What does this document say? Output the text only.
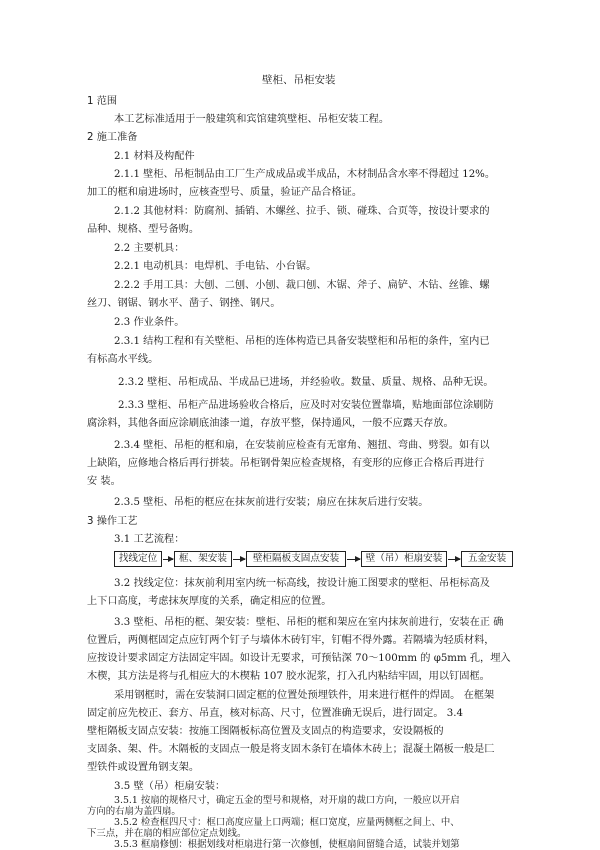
壁柜、吊柜安装
1 范围
本工艺标准适用于一般建筑和宾馆建筑壁柜、吊柜安装工程。
2 施工准备
2.1 材料及构配件
2.1.1 壁柜、吊柜制品由工厂生产成成品或半成品，木材制品含水率不得超过 12%。
加工的框和扇进场时，应核查型号、质量，验证产品合格证。
2.1.2 其他材料：防腐剂、插销、木螺丝、拉手、锁、碰珠、合页等，按设计要求的
品种、规格、型号备购。
2.2 主要机具：
2.2.1 电动机具：电焊机、手电钻、小台锯。
2.2.2 手用工具：大刨、二刨、小刨、裁口刨、木锯、斧子、扁铲、木钻、丝锥、螺
丝刀、钢锯、钢水平、凿子、钢挫、钢尺。
2.3 作业条件。
2.3.1 结构工程和有关壁柜、吊柜的连体构造已具备安装壁柜和吊柜的条件，室内已
有标高水平线。
2.3.2 壁柜、吊柜成品、半成品已进场，并经验收。数量、质量、规格、品种无误。
2.3.3 壁柜、吊柜产品进场验收合格后，应及时对安装位置靠墙，贴地面部位涂刷防
腐涂料，其他各面应涂刷底油漆一道，存放平整，保持通风，一般不应露天存放。
2.3.4 壁柜、吊柜的框和扇，在安装前应检查有无窜角、翘扭、弯曲、劈裂。如有以
上缺陷，应修地合格后再行拼装。吊柜钢骨架应检查规格，有变形的应修正合格后再进行
安 装。
2.3.5 壁柜、吊柜的框应在抹灰前进行安装；扇应在抹灰后进行安装。
3 操作工艺
3.1 工艺流程：
找线定位	框、架安装	壁柜隔板支固点安装	壁（吊）柜扇安装	五金安装
3.2 找线定位：抹灰前利用室内统一标高线，按设计施工图要求的壁柜、吊柜标高及
上下口高度，考虑抹灰厚度的关系，确定相应的位置。
3.3 壁柜、吊柜的框、架安装：壁柜、吊柜的框和架应在室内抹灰前进行，安装在正 确
位置后，两侧框固定点应钉两个钉子与墙体木砖钉牢，钉帽不得外露。若隔墙为轻质材料，
应按设计要求固定方法固定牢固。如设计无要求，可预钻深 70～100mm 的 φ5mm 孔，埋入
木楔，其方法是将与孔相应大的木楔粘 107 胶水泥浆，打入孔内粘结牢固，用以钉固框。
采用钢框时，需在安装洞口固定框的位置处预埋铁件，用来进行框件的焊固。 在框架
固定前应先校正、套方、吊直，核对标高、尺寸，位置准确无误后，进行固定。 3.4
壁柜隔板支固点安装：按施工图隔板标高位置及支固点的构造要求，安设隔板的
支固条、架、件。木隔板的支固点一般是将支固木条钉在墙体木砖上；混凝土隔板一般是匚
型铁件或设置角钢支架。
3.5 壁（吊）柜扇安装：
3.5.1 按扇的规格尺寸，确定五金的型号和规格，对开扇的裁口方向，一般应以开启
方向的右扇为盖四扇。
3.5.2 检查框四尺寸：框口高度应量上口两端；框口宽度，应量两侧框之间上、中、
下三点，并在扇的相应部位定点划线。
3.5.3 框扇修刨：根据划线对柜扇进行第一次修刨，使框扇间留缝合适，试装并划第
